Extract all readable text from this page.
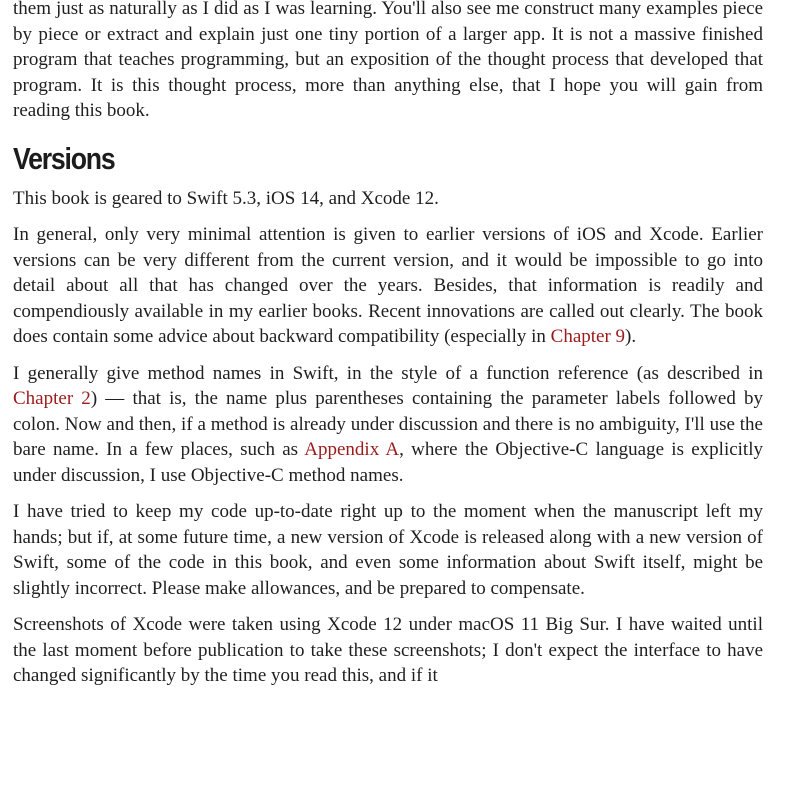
them just as naturally as I did as I was learning. You'll also see me construct many examples piece by piece or extract and explain just one tiny portion of a larger app. It is not a massive finished program that teaches programming, but an exposition of the thought process that developed that program. It is this thought process, more than anything else, that I hope you will gain from reading this book.

Versions

This book is geared to Swift 5.3, iOS 14, and Xcode 12.

In general, only very minimal attention is given to earlier versions of iOS and Xcode. Earlier versions can be very different from the current version, and it would be impossible to go into detail about all that has changed over the years. Besides, that information is readily and compendiously available in my earlier books. Recent innovations are called out clearly. The book does contain some advice about backward compatibility (especially in Chapter 9).

I generally give method names in Swift, in the style of a function reference (as described in Chapter 2) — that is, the name plus parentheses containing the parameter labels followed by colon. Now and then, if a method is already under discussion and there is no ambiguity, I'll use the bare name. In a few places, such as Appendix A, where the Objective-C language is explicitly under discussion, I use Objective-C method names.

I have tried to keep my code up-to-date right up to the moment when the manuscript left my hands; but if, at some future time, a new version of Xcode is released along with a new version of Swift, some of the code in this book, and even some information about Swift itself, might be slightly incorrect. Please make allowances, and be prepared to compensate.

Screenshots of Xcode were taken using Xcode 12 under macOS 11 Big Sur. I have waited until the last moment before publication to take these screenshots; I don't expect the interface to have changed significantly by the time you read this, and if it
